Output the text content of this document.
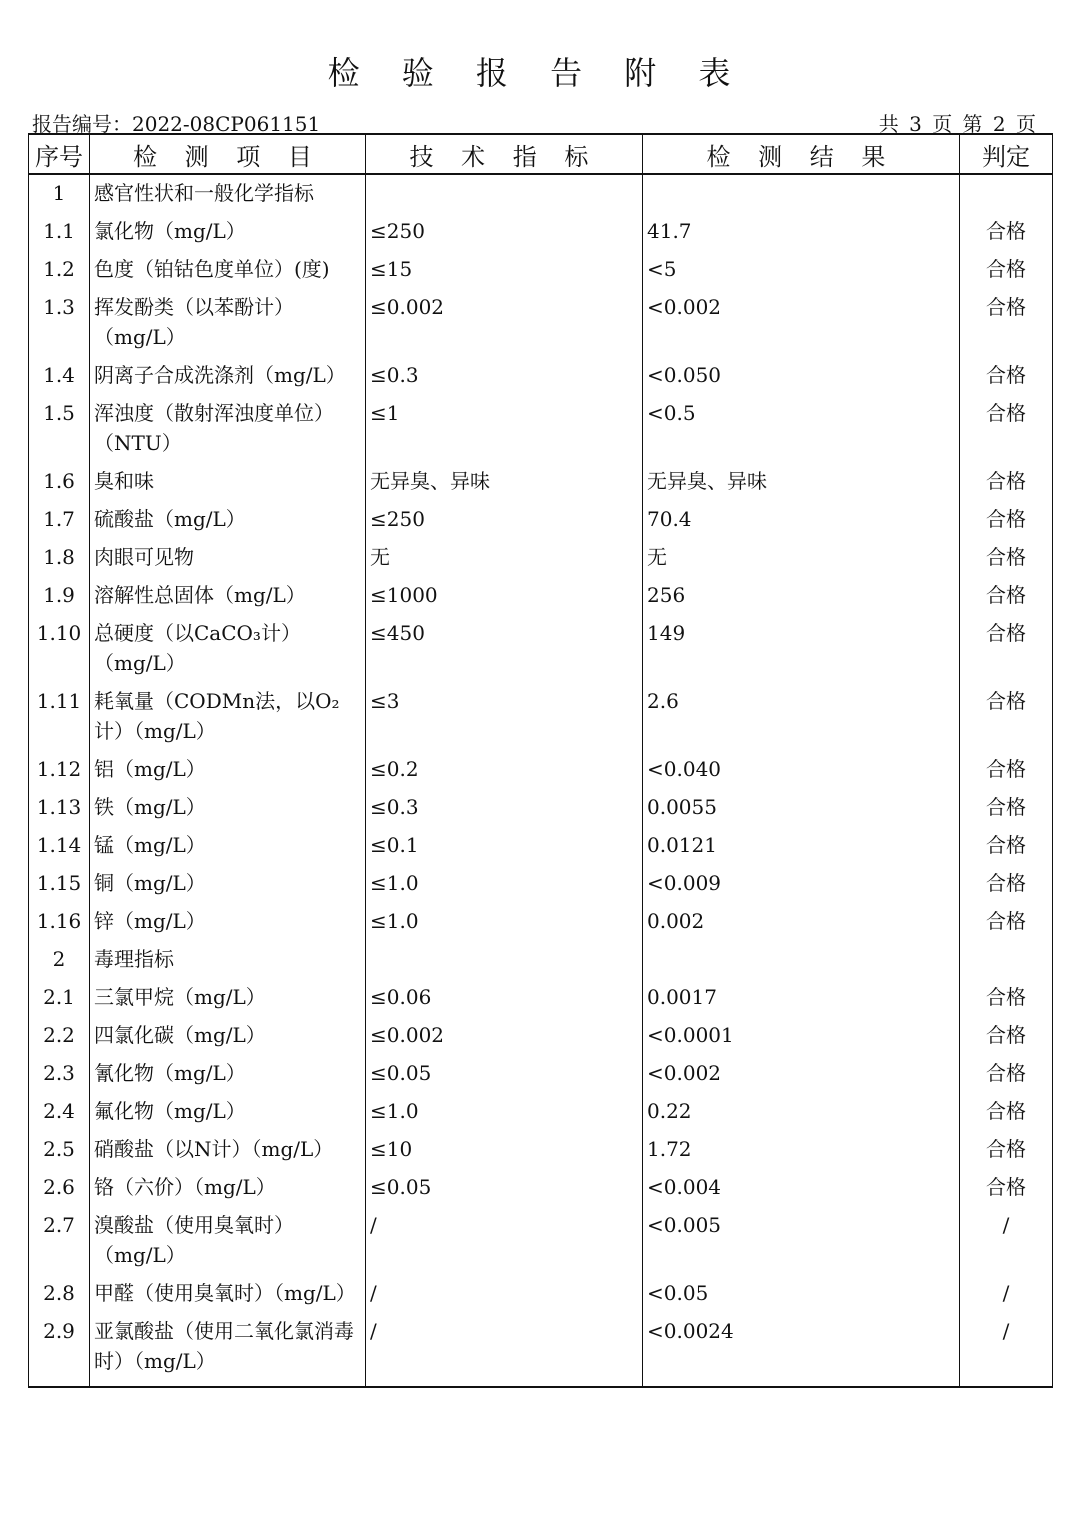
检 验 报 告 附 表
报告编号：2022-08CP061151	共 3 页 第 2 页
序号	检 测 项 目	技 术 指 标	检 测 结 果	判定
1	感官性状和一般化学指标			
1.1	氯化物（mg/L）	≤250	41.7	合格
1.2	色度（铂钴色度单位）(度)	≤15	<5	合格
1.3	挥发酚类（以苯酚计）（mg/L）	≤0.002	<0.002	合格
1.4	阴离子合成洗涤剂（mg/L）	≤0.3	<0.050	合格
1.5	浑浊度（散射浑浊度单位）（NTU）	≤1	<0.5	合格
1.6	臭和味	无异臭、异味	无异臭、异味	合格
1.7	硫酸盐（mg/L）	≤250	70.4	合格
1.8	肉眼可见物	无	无	合格
1.9	溶解性总固体（mg/L）	≤1000	256	合格
1.10	总硬度（以CaCO₃计）（mg/L）	≤450	149	合格
1.11	耗氧量（CODMn法，以O₂计）（mg/L）	≤3	2.6	合格
1.12	铝（mg/L）	≤0.2	<0.040	合格
1.13	铁（mg/L）	≤0.3	0.0055	合格
1.14	锰（mg/L）	≤0.1	0.0121	合格
1.15	铜（mg/L）	≤1.0	<0.009	合格
1.16	锌（mg/L）	≤1.0	0.002	合格
2	毒理指标			
2.1	三氯甲烷（mg/L）	≤0.06	0.0017	合格
2.2	四氯化碳（mg/L）	≤0.002	<0.0001	合格
2.3	氰化物（mg/L）	≤0.05	<0.002	合格
2.4	氟化物（mg/L）	≤1.0	0.22	合格
2.5	硝酸盐（以N计）（mg/L）	≤10	1.72	合格
2.6	铬（六价）（mg/L）	≤0.05	<0.004	合格
2.7	溴酸盐（使用臭氧时）（mg/L）	/	<0.005	/
2.8	甲醛（使用臭氧时）（mg/L）	/	<0.05	/
2.9	亚氯酸盐（使用二氧化氯消毒时）（mg/L）	/	<0.0024	/
